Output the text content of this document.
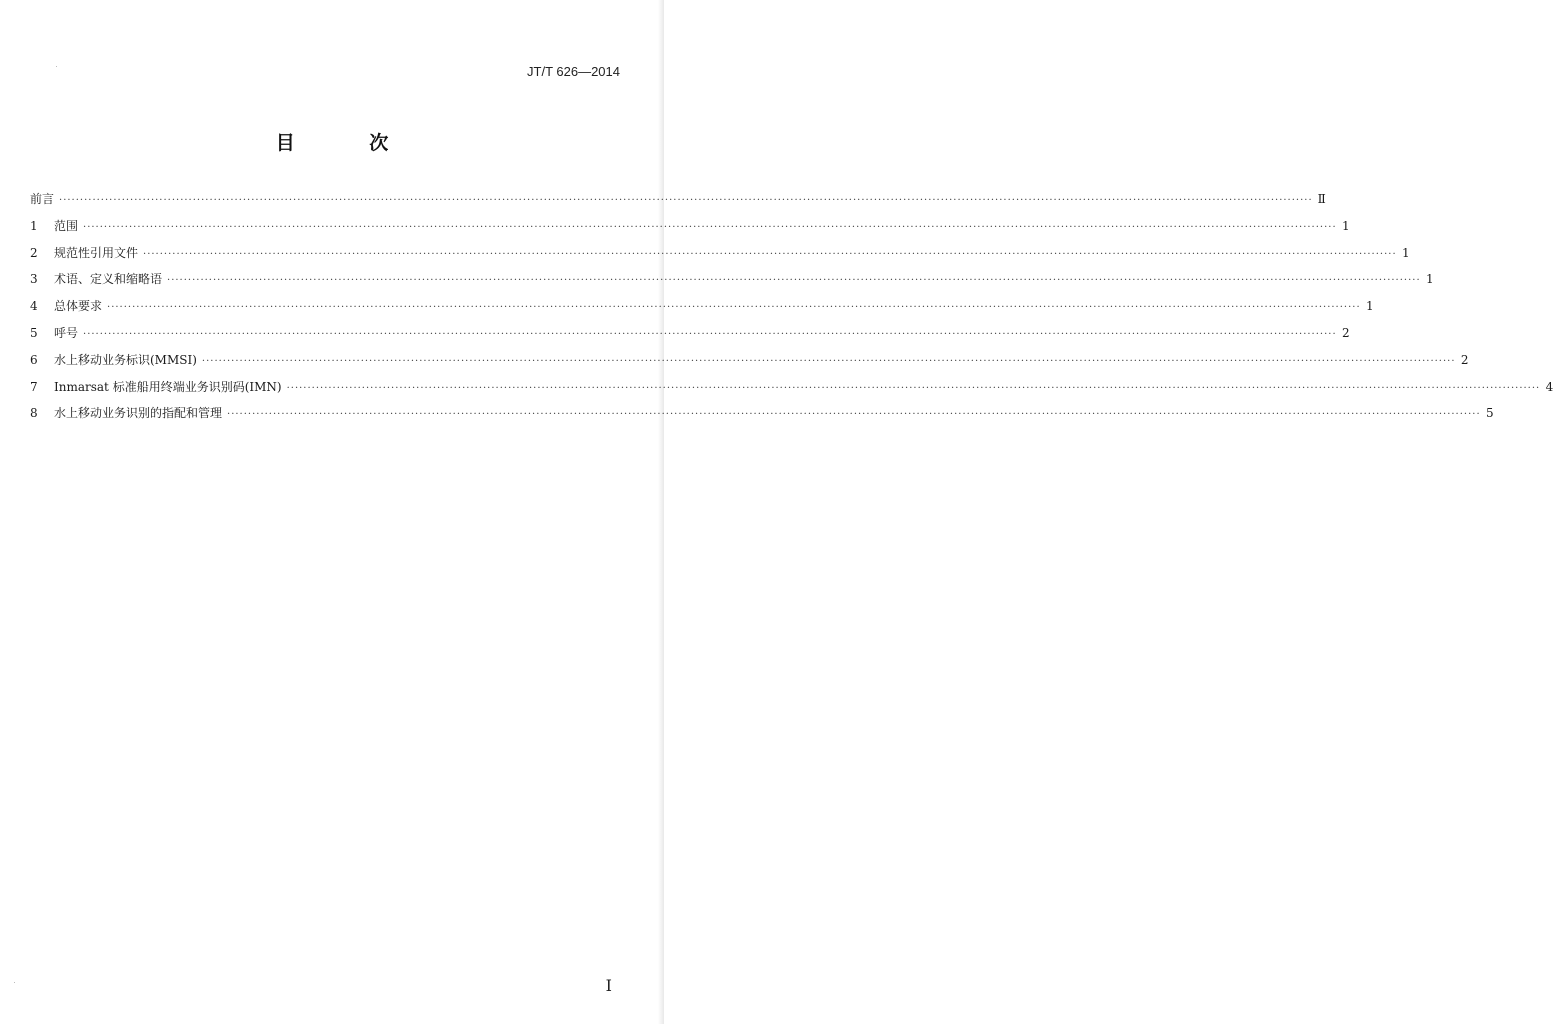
JT/T 626—2014
目 次
前言 ············································································································································································································································································································ Ⅱ
1	范围 ············································································································································································································································································································ 1
2	规范性引用文件 ············································································································································································································································································································ 1
3	术语、定义和缩略语 ············································································································································································································································································································ 1
4	总体要求 ············································································································································································································································································································ 1
5	呼号 ············································································································································································································································································································ 2
6	水上移动业务标识(MMSI) ············································································································································································································································································································ 2
7	Inmarsat 标准船用终端业务识别码(IMN) ············································································································································································································································································································ 4
8	水上移动业务识别的指配和管理 ············································································································································································································································································································ 5
I
